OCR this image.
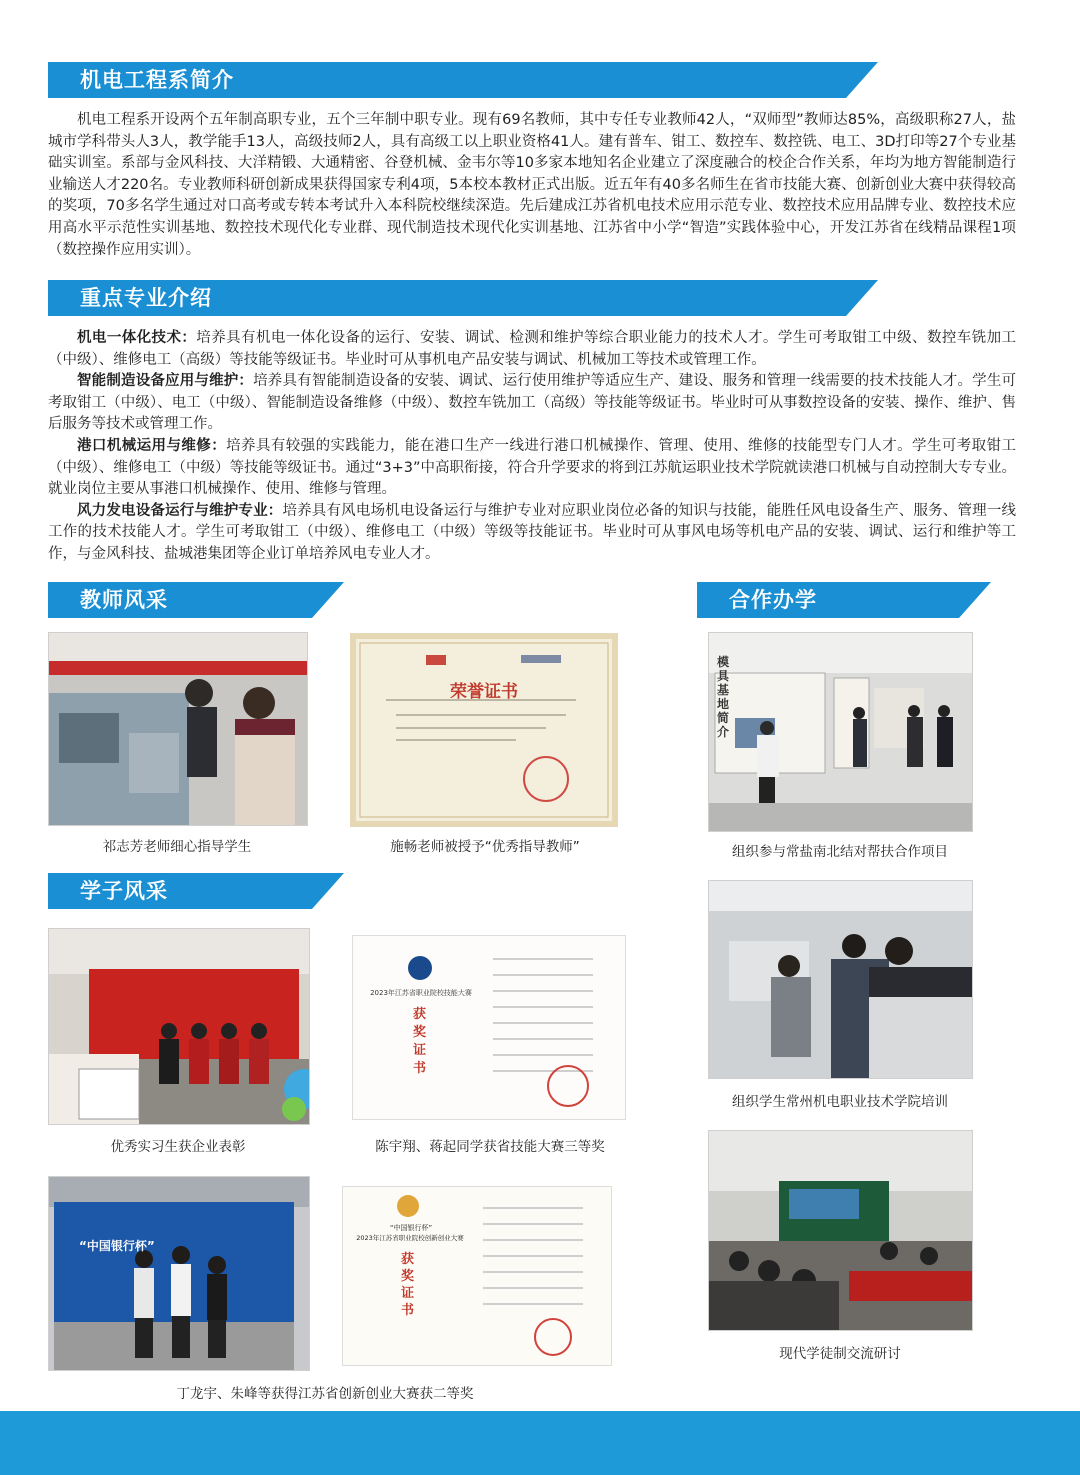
机电工程系简介

机电工程系开设两个五年制高职专业，五个三年制中职专业。现有69名教师，其中专任专业教师42人，“双师型”教师达85%，高级职称27人，盐城市学科带头人3人，教学能手13人，高级技师2人，具有高级工以上职业资格41人。建有普车、钳工、数控车、数控铣、电工、3D打印等27个专业基础实训室。系部与金风科技、大洋精锻、大通精密、谷登机械、金韦尔等10多家本地知名企业建立了深度融合的校企合作关系，年均为地方智能制造行业输送人才220名。专业教师科研创新成果获得国家专利4项，5本校本教材正式出版。近五年有40多名师生在省市技能大赛、创新创业大赛中获得较高的奖项，70多名学生通过对口高考或专转本考试升入本科院校继续深造。先后建成江苏省机电技术应用示范专业、数控技术应用品牌专业、数控技术应用高水平示范性实训基地、数控技术现代化专业群、现代制造技术现代化实训基地、江苏省中小学“智造”实践体验中心，开发江苏省在线精品课程1项（数控操作应用实训）。

重点专业介绍

机电一体化技术：培养具有机电一体化设备的运行、安装、调试、检测和维护等综合职业能力的技术人才。学生可考取钳工中级、数控车铣加工（中级）、维修电工（高级）等技能等级证书。毕业时可从事机电产品安装与调试、机械加工等技术或管理工作。

智能制造设备应用与维护：培养具有智能制造设备的安装、调试、运行使用维护等适应生产、建设、服务和管理一线需要的技术技能人才。学生可考取钳工（中级）、电工（中级）、智能制造设备维修（中级）、数控车铣加工（高级）等技能等级证书。毕业时可从事数控设备的安装、操作、维护、售后服务等技术或管理工作。

港口机械运用与维修：培养具有较强的实践能力，能在港口生产一线进行港口机械操作、管理、使用、维修的技能型专门人才。学生可考取钳工（中级）、维修电工（中级）等技能等级证书。通过“3+3”中高职衔接，符合升学要求的将到江苏航运职业技术学院就读港口机械与自动控制大专专业。就业岗位主要从事港口机械操作、使用、维修与管理。

风力发电设备运行与维护专业：培养具有风电场机电设备运行与维护专业对应职业岗位必备的知识与技能，能胜任风电设备生产、服务、管理一线工作的技术技能人才。学生可考取钳工（中级）、维修电工（中级）等级等技能证书。毕业时可从事风电场等机电产品的安装、调试、运行和维护等工作，与金风科技、盐城港集团等企业订单培养风电专业人才。

教师风采	合作办学
祁志芳老师细心指导学生
荣誉证书
施畅老师被授予“优秀指导教师”
模具基地简介
组织参与常盐南北结对帮扶合作项目
学子风采
组织学生常州机电职业技术学院培训
优秀实习生获企业表彰
2023年江苏省职业院校技能大赛
获奖证书
陈宇翔、蒋起同学获省技能大赛三等奖
现代学徒制交流研讨
“中国银行杯”
丁龙宇、朱峰等获得江苏省创新创业大赛获二等奖
“中国银行杯”
2023年江苏省职业院校创新创业大赛
获奖证书
